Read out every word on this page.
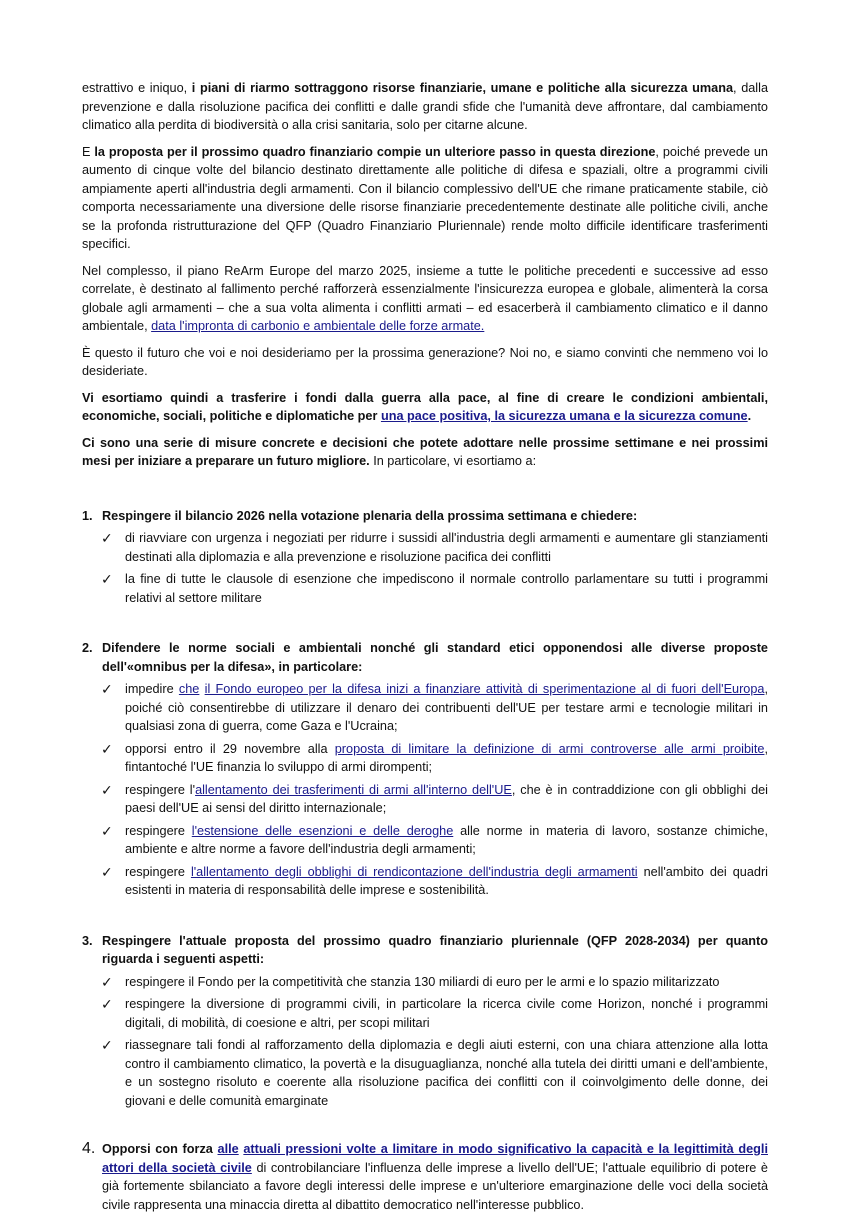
estrattivo e iniquo, i piani di riarmo sottraggono risorse finanziarie, umane e politiche alla sicurezza umana, dalla prevenzione e dalla risoluzione pacifica dei conflitti e dalle grandi sfide che l'umanità deve affrontare, dal cambiamento climatico alla perdita di biodiversità o alla crisi sanitaria, solo per citarne alcune.

E la proposta per il prossimo quadro finanziario compie un ulteriore passo in questa direzione, poiché prevede un aumento di cinque volte del bilancio destinato direttamente alle politiche di difesa e spaziali, oltre a programmi civili ampiamente aperti all'industria degli armamenti. Con il bilancio complessivo dell'UE che rimane praticamente stabile, ciò comporta necessariamente una diversione delle risorse finanziarie precedentemente destinate alle politiche civili, anche se la profonda ristrutturazione del QFP (Quadro Finanziario Pluriennale) rende molto difficile identificare trasferimenti specifici.

Nel complesso, il piano ReArm Europe del marzo 2025, insieme a tutte le politiche precedenti e successive ad esso correlate, è destinato al fallimento perché rafforzerà essenzialmente l'insicurezza europea e globale, alimenterà la corsa globale agli armamenti – che a sua volta alimenta i conflitti armati – ed esacerberà il cambiamento climatico e il danno ambientale, data l'impronta di carbonio e ambientale delle forze armate.

È questo il futuro che voi e noi desideriamo per la prossima generazione? Noi no, e siamo convinti che nemmeno voi lo desideriate.

Vi esortiamo quindi a trasferire i fondi dalla guerra alla pace, al fine di creare le condizioni ambientali, economiche, sociali, politiche e diplomatiche per una pace positiva, la sicurezza umana e la sicurezza comune.

Ci sono una serie di misure concrete e decisioni che potete adottare nelle prossime settimane e nei prossimi mesi per iniziare a preparare un futuro migliore. In particolare, vi esortiamo a:

1. Respingere il bilancio 2026 nella votazione plenaria della prossima settimana e chiedere:
✓ di riavviare con urgenza i negoziati per ridurre i sussidi all'industria degli armamenti e aumentare gli stanziamenti destinati alla diplomazia e alla prevenzione e risoluzione pacifica dei conflitti
✓ la fine di tutte le clausole di esenzione che impediscono il normale controllo parlamentare su tutti i programmi relativi al settore militare
2. Difendere le norme sociali e ambientali nonché gli standard etici opponendosi alle diverse proposte dell'«omnibus per la difesa», in particolare:
✓ impedire che il Fondo europeo per la difesa inizi a finanziare attività di sperimentazione al di fuori dell'Europa, poiché ciò consentirebbe di utilizzare il denaro dei contribuenti dell'UE per testare armi e tecnologie militari in qualsiasi zona di guerra, come Gaza e l'Ucraina;
✓ opporsi entro il 29 novembre alla proposta di limitare la definizione di armi controverse alle armi proibite, fintantoché l'UE finanzia lo sviluppo di armi dirompenti;
✓ respingere l'allentamento dei trasferimenti di armi all'interno dell'UE, che è in contraddizione con gli obblighi dei paesi dell'UE ai sensi del diritto internazionale;
✓ respingere l'estensione delle esenzioni e delle deroghe alle norme in materia di lavoro, sostanze chimiche, ambiente e altre norme a favore dell'industria degli armamenti;
✓ respingere l'allentamento degli obblighi di rendicontazione dell'industria degli armamenti nell'ambito dei quadri esistenti in materia di responsabilità delle imprese e sostenibilità.
3. Respingere l'attuale proposta del prossimo quadro finanziario pluriennale (QFP 2028-2034) per quanto riguarda i seguenti aspetti:
✓ respingere il Fondo per la competitività che stanzia 130 miliardi di euro per le armi e lo spazio militarizzato
✓ respingere la diversione di programmi civili, in particolare la ricerca civile come Horizon, nonché i programmi digitali, di mobilità, di coesione e altri, per scopi militari
✓ riassegnare tali fondi al rafforzamento della diplomazia e degli aiuti esterni, con una chiara attenzione alla lotta contro il cambiamento climatico, la povertà e la disuguaglianza, nonché alla tutela dei diritti umani e dell'ambiente, e un sostegno risoluto e coerente alla risoluzione pacifica dei conflitti con il coinvolgimento delle donne, dei giovani e delle comunità emarginate
4. Opporsi con forza alle attuali pressioni volte a limitare in modo significativo la capacità e la legittimità degli attori della società civile di controbilanciare l'influenza delle imprese a livello dell'UE; l'attuale equilibrio di potere è già fortemente sbilanciato a favore degli interessi delle imprese e un'ulteriore emarginazione delle voci della società civile rappresenta una minaccia diretta al dibattito democratico nell'interesse pubblico.
